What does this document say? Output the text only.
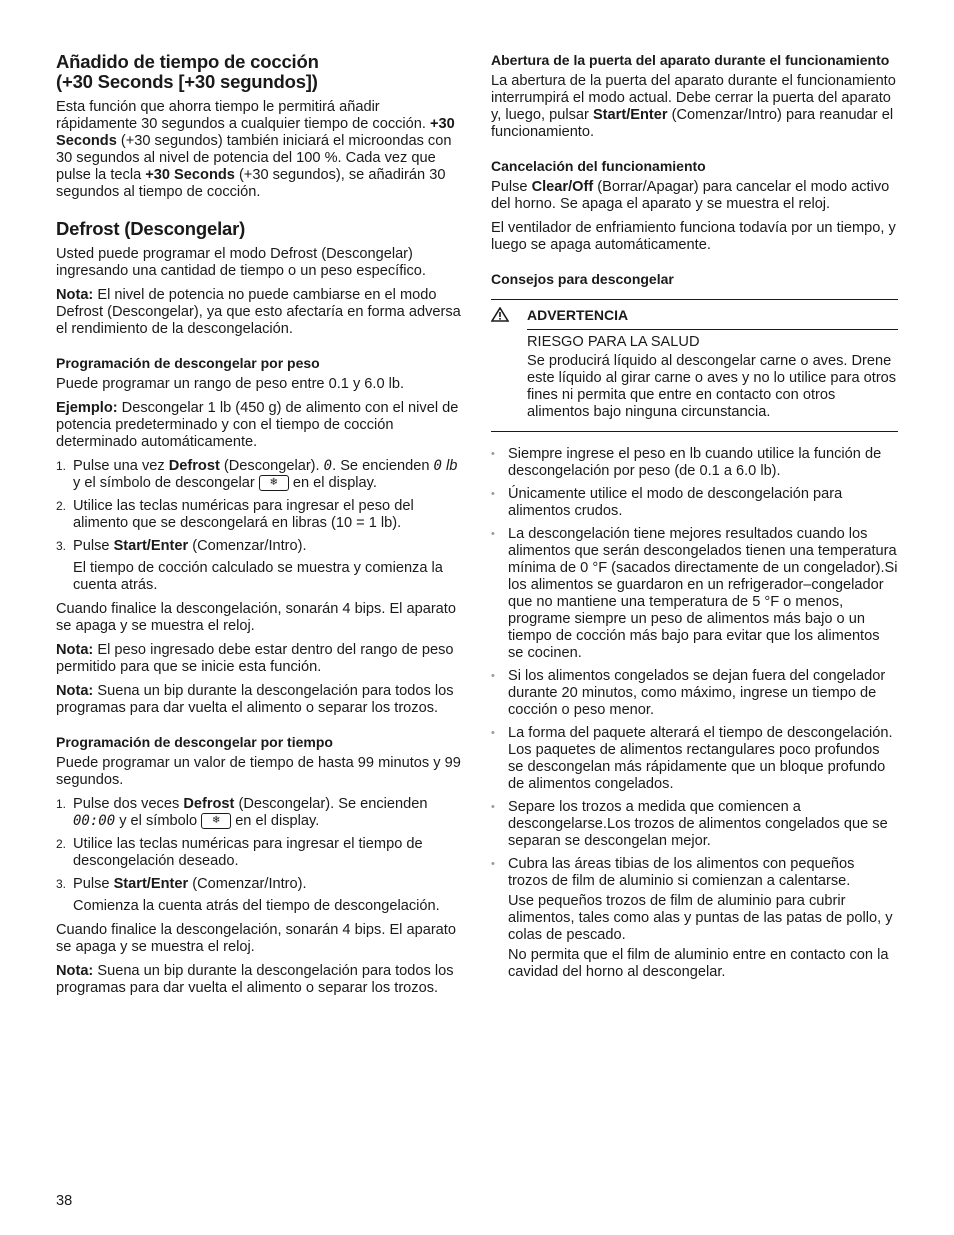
Añadido de tiempo de cocción
(+30 Seconds [+30 segundos])

Esta función que ahorra tiempo le permitirá añadir rápidamente 30 segundos a cualquier tiempo de cocción. +30 Seconds (+30 segundos) también iniciará el microondas con 30 segundos al nivel de potencia del 100 %. Cada vez que pulse la tecla +30 Seconds (+30 segundos), se añadirán 30 segundos al tiempo de cocción.

Defrost (Descongelar)

Usted puede programar el modo Defrost (Descongelar) ingresando una cantidad de tiempo o un peso específico.

Nota: El nivel de potencia no puede cambiarse en el modo Defrost (Descongelar), ya que esto afectaría en forma adversa el rendimiento de la descongelación.

Programación de descongelar por peso

Puede programar un rango de peso entre 0.1 y 6.0 lb.

Ejemplo: Descongelar 1 lb (450 g) de alimento con el nivel de potencia predeterminado y con el tiempo de cocción determinado automáticamente.

1. Pulse una vez Defrost (Descongelar). 0. Se encienden 0 lb y el símbolo de descongelar ❄ en el display.
2. Utilice las teclas numéricas para ingresar el peso del alimento que se descongelará en libras (10 = 1 lb).
3. Pulse Start/Enter (Comenzar/Intro).
El tiempo de cocción calculado se muestra y comienza la cuenta atrás.

Cuando finalice la descongelación, sonarán 4 bips. El aparato se apaga y se muestra el reloj.

Nota: El peso ingresado debe estar dentro del rango de peso permitido para que se inicie esta función.

Nota: Suena un bip durante la descongelación para todos los programas para dar vuelta el alimento o separar los trozos.

Programación de descongelar por tiempo

Puede programar un valor de tiempo de hasta 99 minutos y 99 segundos.

1. Pulse dos veces Defrost (Descongelar). Se encienden 00:00 y el símbolo ❄ en el display.
2. Utilice las teclas numéricas para ingresar el tiempo de descongelación deseado.
3. Pulse Start/Enter (Comenzar/Intro).
Comienza la cuenta atrás del tiempo de descongelación.

Cuando finalice la descongelación, sonarán 4 bips. El aparato se apaga y se muestra el reloj.

Nota: Suena un bip durante la descongelación para todos los programas para dar vuelta el alimento o separar los trozos.

Abertura de la puerta del aparato durante el funcionamiento

La abertura de la puerta del aparato durante el funcionamiento interrumpirá el modo actual. Debe cerrar la puerta del aparato y, luego, pulsar Start/Enter (Comenzar/Intro) para reanudar el funcionamiento.

Cancelación del funcionamiento

Pulse Clear/Off (Borrar/Apagar) para cancelar el modo activo del horno. Se apaga el aparato y se muestra el reloj.

El ventilador de enfriamiento funciona todavía por un tiempo, y luego se apaga automáticamente.

Consejos para descongelar
ADVERTENCIA

RIESGO PARA LA SALUD

Se producirá líquido al descongelar carne o aves. Drene este líquido al girar carne o aves y no lo utilice para otros fines ni permita que entre en contacto con otros alimentos bajo ninguna circunstancia.

• Siempre ingrese el peso en lb cuando utilice la función de descongelación por peso (de 0.1 a 6.0 lb).
• Únicamente utilice el modo de descongelación para alimentos crudos.
• La descongelación tiene mejores resultados cuando los alimentos que serán descongelados tienen una temperatura mínima de 0 °F (sacados directamente de un congelador).Si los alimentos se guardaron en un refrigerador–congelador que no mantiene una temperatura de 5 °F o menos, programe siempre un peso de alimentos más bajo o un tiempo de cocción más bajo para evitar que los alimentos se cocinen.
• Si los alimentos congelados se dejan fuera del congelador durante 20 minutos, como máximo, ingrese un tiempo de cocción o peso menor.
• La forma del paquete alterará el tiempo de descongelación. Los paquetes de alimentos rectangulares poco profundos se descongelan más rápidamente que un bloque profundo de alimentos congelados.
• Separe los trozos a medida que comiencen a descongelarse.Los trozos de alimentos congelados que se separan se descongelan mejor.
• Cubra las áreas tibias de los alimentos con pequeños trozos de film de aluminio si comienzan a calentarse.
Use pequeños trozos de film de aluminio para cubrir alimentos, tales como alas y puntas de las patas de pollo, y colas de pescado.
No permita que el film de aluminio entre en contacto con la cavidad del horno al descongelar.
38
